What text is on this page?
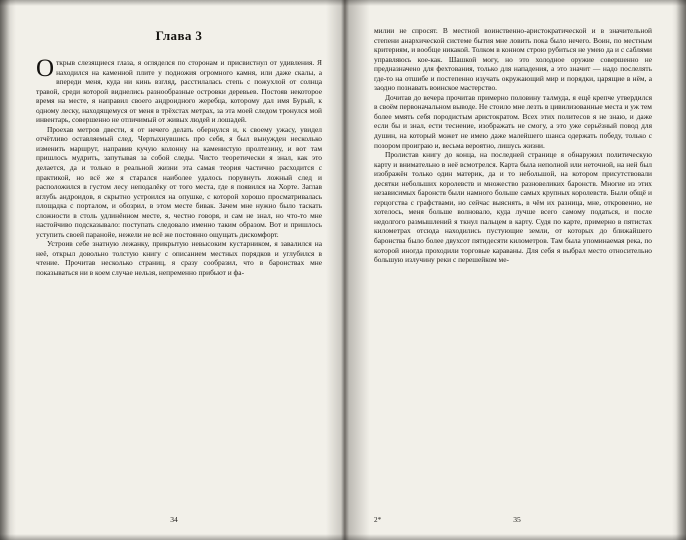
Глава 3

Открыв слезящиеся глаза, я огляделся по сторонам и присвистнул от удивления. Я находился на каменной плите у подножия огромного камня, или даже скалы, а впереди меня, куда ни кинь взгляд, расстилалась степь с пожухлой от солнца травой, среди которой виднелись разнообразные островки деревьев. Постояв некоторое время на месте, я направил своего андроидного жеребца, которому дал имя Бурый, к одному леску, находящемуся от меня в трёхстах метрах, за эта моей следом тронулся мой инвентарь, совершенно не отличимый от живых людей и лошадей.

Проехав метров двести, я от нечего делать обернулся и, к своему ужасу, увидел отчётливо оставляемый след. Чертыхнувшись про себя, я был вынужден несколько изменить маршрут, направив кучую колонну на каменистую пролтезину, и вот там пришлось мудрить, запутывая за собой следы. Чисто теоретически я знал, как это делается, да и только в реальной жизни эта самая теория частично расходится с практикой, но всё же я старался наиболее удалось порувнуть ложный след и расположился в густом лесу неподалёку от того места, где я появился на Хорте. Заглав вглубь андроидов, я скрытно устроился на опушке, с которой хорошо просматривалась площадка с порталом, и обозрил, в этом месте бивак. Зачем мне нужно было таскать сложности в столь удлинённом месте, я, честно говоря, и сам не знал, но что-то мне настойчиво подсказывало: поступать следовало именно таким образом. Вот и пришлось уступить своей паранойе, нежели не всё же постоянно ощущать дискомфорт.

Устроив себе знатную лежанку, прикрытую невысоким кустарником, я завалился на неё, открыл довольно толстую книгу с описанием местных порядков и углубился в чтение. Прочитав несколько страниц, я сразу сообразил, что в баронствах мне показываться ни в коем случае нельзя, непременно прибьют и фа-

34

милии не спросят. В местной воинственно-аристократической и в значительной степени анархической системе бытия мне ловить пока было нечего. Воин, по местным критериям, и вообще никакой. Толком в конном строю рубиться не умею да и с саблями управляюсь кое-как. Шашкой могу, но это холодное оружие совершенно не предназначено для фехтования, только для нападения, а это значит — надо послелять где-то на отшибе и постепенно изучать окружающий мир и порядки, царящие в нём, а заодно познавать воинское мастерство.

Дочитав до вечера прочитав примерно половину талмуда, я ещё крепче утвердился в своём первоначальном выводе. Не стоило мне лезть в цивилизованные места и уж тем более ммять себя породистым аристократом. Всех этих политесов я не знаю, и даже если бы и знал, ести теснение, изображать не смогу, а это уже серьёзный повод для душин, на который может не имею даже малейшего шанса одержать победу, только с позором проиграю и, весьма вероятно, лишусь жизни.

Пролистав книгу до конца, на последней странице я обнаружил политическую карту и внимательно в неё всмотрелся. Карта была неполной или неточной, на ней был изображён только один материк, да и то небольшой, на котором присутствовали десятки небольших королевств и множество разновеликих баронств. Многие из этих независимых баронств были намного больше самых крупных королевств. Были общё и герцогства с графствами, но сейчас выяснять, в чём их разница, мне, откровенно, не хотелось, меня больше волновало, куда лучше всего самому податься, и после недолгого размышлений я ткнул пальцем в карту. Судя по карте, примерно в пятистах километрах отсюда находились пустующие земли, от которых до ближайшего баронства было более двухсот пятидесяти километров. Там была упоминаемая река, по которой иногда проходили торговые караваны. Для себя я выбрал место относительно большую излучину реки с перешейком ме-

2*	35
